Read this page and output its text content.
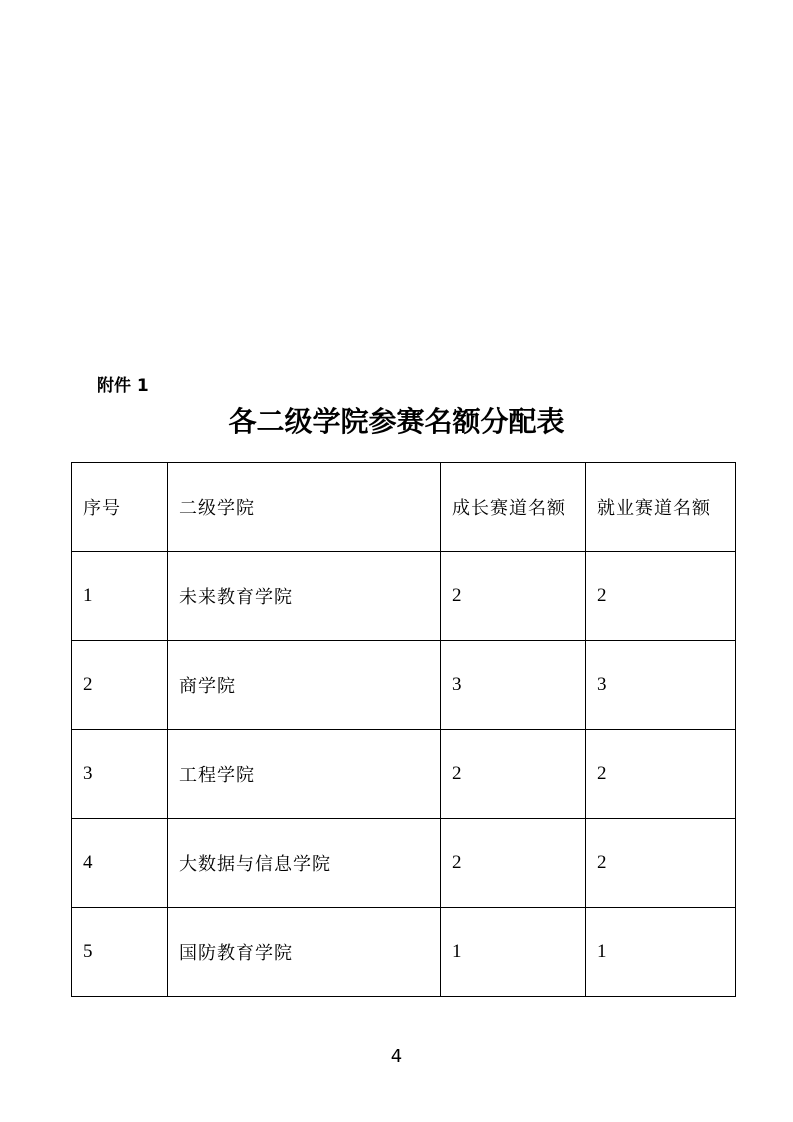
附件 1
各二级学院参赛名额分配表
序号	二级学院	成长赛道名额	就业赛道名额
1	未来教育学院	2	2
2	商学院	3	3
3	工程学院	2	2
4	大数据与信息学院	2	2
5	国防教育学院	1	1
4
